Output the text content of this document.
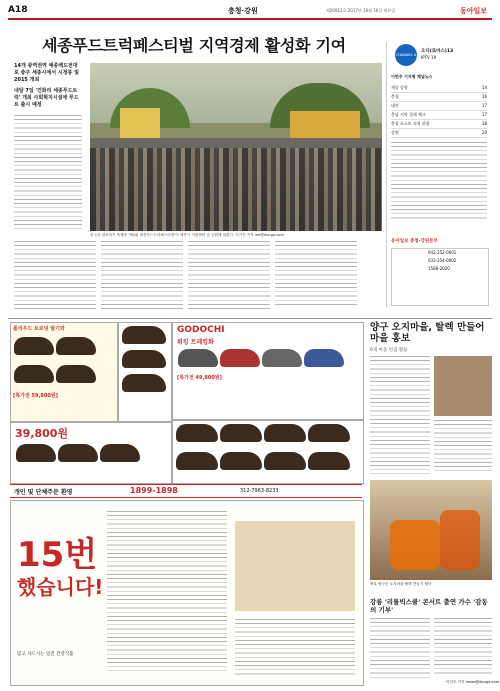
A18	충청·강원	제20912호 2017년 10월 16일 월요일	동아일보
세종푸드트럭페스티벌 지역경제 활성화 기여
14개 광역권역 예종백도전대로 충주 세종시에서 시정봉 및 2015 개최
내달 7일 '건화리 세종푸드트럭' 개최 사회혁지시설에 푸드트 출시 예정
한국과 대표하기 축제중 '제2회 세종푸드트럭페스티벌'이 세종시 지원센터 앞 공원에 열렸다. 이기진 기자 lee@donga.com
CHANNEL A
오디(로마스)13
IPTV 19
이번주 기자형 채널뉴스
세종 강원	14
충청	16
대전	17
충남 지역 경제 체크	17
충청 포스트 지역 관광	18
강원	20
동아일보 충청·강원본부
042-252-0001
033-254-0002
1588-2020
폴리우드 토르딩 발기와
[특가전 59,800원]
GODOCHI
워킹 트레킹화
[특가전 49,800원]
39,800원
개인 및 단체주문 환영	1899-1898	312-7963-8233
15번
했습니다!
믿고 사드시는 일진 건강식품
양구 오지마을, 탈렉 만들어 마을 홍보
6개 마을 빈집 활용
축호 양구군 오지마을 탈렉 만들기 행사
강릉 '리틀빅스쿨' 콘서트 출연 가수 '감동의 기부'
이인모 기자 imlee@donga.com
